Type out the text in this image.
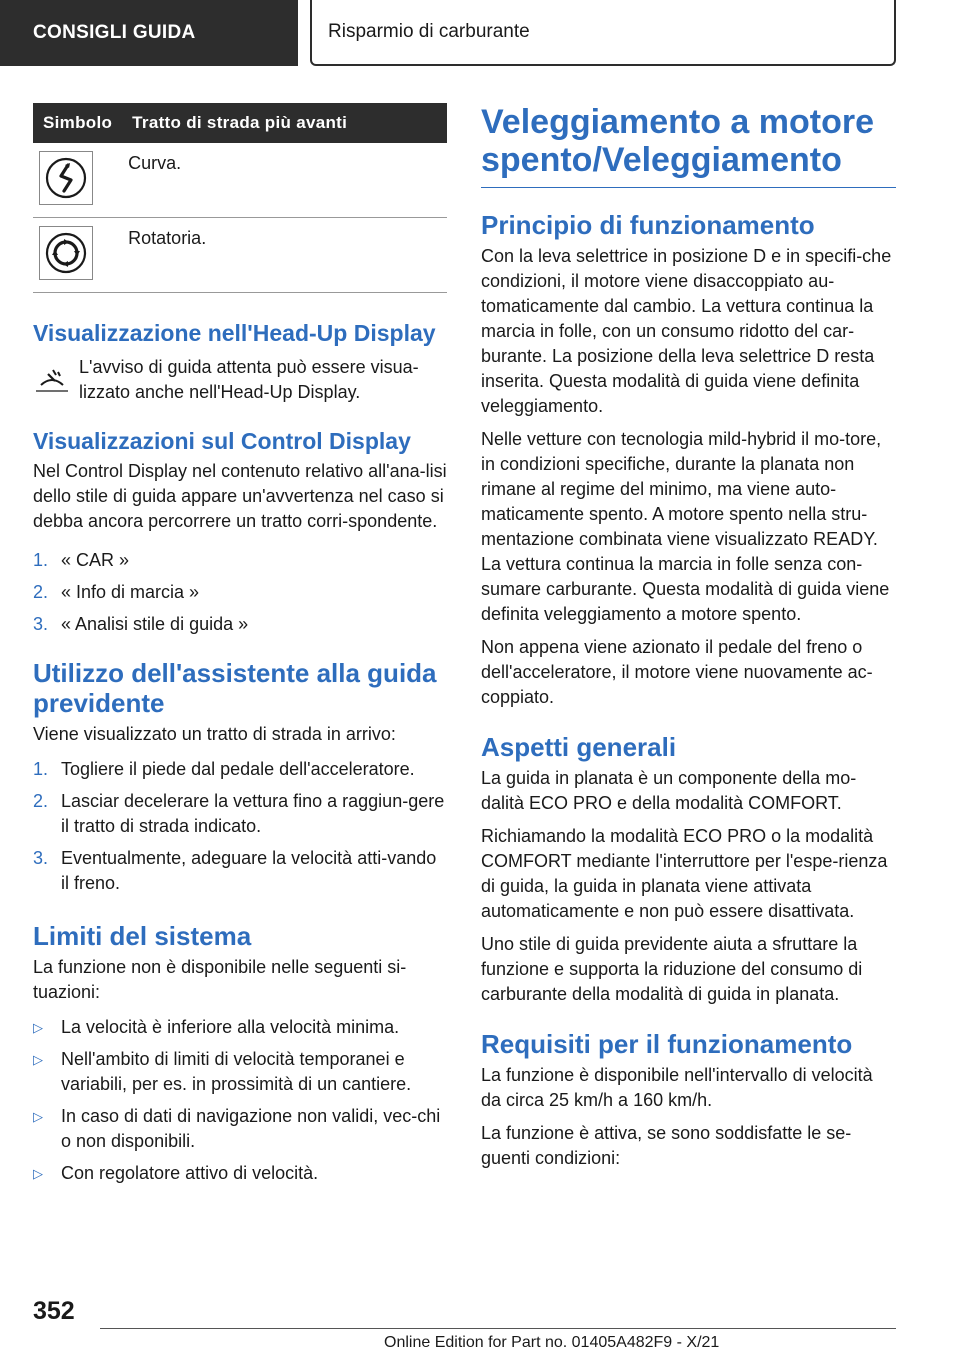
CONSIGLI GUIDA	Risparmio di carburante
Simbolo	Tratto di strada più avanti

	Curva.

	Rotatoria.
Visualizzazione nell'Head-Up Display

L'avviso di guida attenta può essere visua-lizzato anche nell'Head-Up Display.

Visualizzazioni sul Control Display

Nel Control Display nel contenuto relativo all'ana-lisi dello stile di guida appare un'avvertenza nel caso si debba ancora percorrere un tratto corri-spondente.

1. « CAR »
2. « Info di marcia »
3. « Analisi stile di guida »
Utilizzo dell'assistente alla guida previdente

Viene visualizzato un tratto di strada in arrivo:

1. Togliere il piede dal pedale dell'acceleratore.
2. Lasciar decelerare la vettura fino a raggiun-gere il tratto di strada indicato.
3. Eventualmente, adeguare la velocità atti-vando il freno.
Limiti del sistema

La funzione non è disponibile nelle seguenti si-tuazioni:

▷	La velocità è inferiore alla velocità minima.
▷	Nell'ambito di limiti di velocità temporanei e variabili, per es. in prossimità di un cantiere.
▷	In caso di dati di navigazione non validi, vec-chi o non disponibili.
▷	Con regolatore attivo di velocità.
Veleggiamento a motore spento/Veleggiamento
Principio di funzionamento

Con la leva selettrice in posizione D e in specifi-che condizioni, il motore viene disaccoppiato au-tomaticamente dal cambio. La vettura continua la marcia in folle, con un consumo ridotto del car-burante. La posizione della leva selettrice D resta inserita. Questa modalità di guida viene definita veleggiamento.

Nelle vetture con tecnologia mild-hybrid il mo-tore, in condizioni specifiche, durante la planata non rimane al regime del minimo, ma viene auto-maticamente spento. A motore spento nella stru-mentazione combinata viene visualizzato READY. La vettura continua la marcia in folle senza con-sumare carburante. Questa modalità di guida viene definita veleggiamento a motore spento.

Non appena viene azionato il pedale del freno o dell'acceleratore, il motore viene nuovamente ac-coppiato.

Aspetti generali

La guida in planata è un componente della mo-dalità ECO PRO e della modalità COMFORT.

Richiamando la modalità ECO PRO o la modalità COMFORT mediante l'interruttore per l'espe-rienza di guida, la guida in planata viene attivata automaticamente e non può essere disattivata.

Uno stile di guida previdente aiuta a sfruttare la funzione e supporta la riduzione del consumo di carburante della modalità di guida in planata.

Requisiti per il funzionamento

La funzione è disponibile nell'intervallo di velocità da circa 25 km/h a 160 km/h.

La funzione è attiva, se sono soddisfatte le se-guenti condizioni:

352
Online Edition for Part no. 01405A482F9 - X/21
